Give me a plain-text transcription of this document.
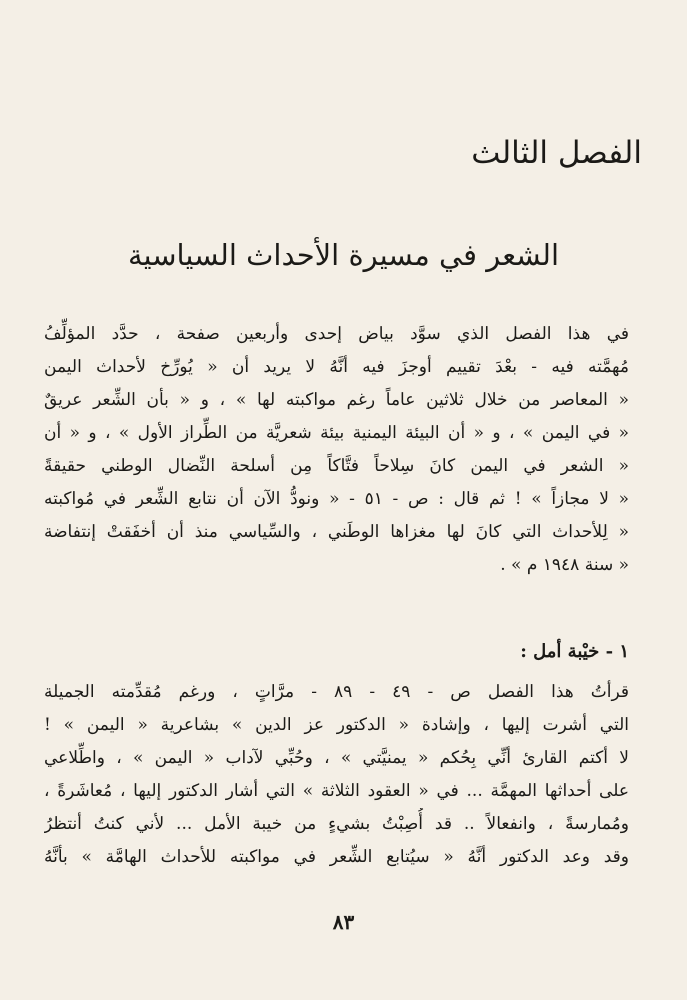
الفصل الثالث
الشعر في مسيرة الأحداث السياسية
في هذا الفصل الذي سوَّد بياض إحدى وأربعين صفحة ، حدَّد المؤلِّفُ
مُهمَّته فيه - بعْدَ تقييم أوجزَ فيه أنَّهُ لا يريد أن « يُورِّخ لأحداث اليمن
« المعاصر من خلال ثلاثين عاماً رغم مواكبته لها » ، و « بأن الشِّعر عريقٌ
« في اليمن » ، و « أن البيئة اليمنية بيئة شعريَّة من الطِّراز الأول » ، و « أن
« الشعر في اليمن كانَ سِلاحاً فتَّاكاً مِن أسلحة النِّضال الوطني حقيقةً
« لا مجازاً » ! ثم قال : ص - ٥١ - « ونودُّ الآن أن نتابع الشِّعر في مُواكبته
« لِلأحداث التي كانَ لها مغزاها الوطَني ، والسِّياسي منذ أن أخفَقتْ إنتفاضة
« سنة ١٩٤٨ م » .
١ - خيْبة أمل :
قرأتُ هذا الفصل ص - ٤٩ - ٨٩ - مرَّاتٍ ، ورغم مُقدِّمته الجميلة
التي أشرت إليها ، وإشادة « الدكتور عز الدين » بشاعرية « اليمن » !
لا أكتم القارئ أنِّي بِحُكم « يمنيَّتي » ، وحُبِّي لآداب « اليمن » ، واطِّلاعي
على أحداثها المهمَّة ... في « العقود الثلاثة » التي أشار الدكتور إليها ، مُعاشَرةً ،
ومُمارسةً ، وانفعالاً .. قد أُصِبْتُ بشيءٍ من خيبة الأمل ... لأني كنتُ أنتظرُ
وقد وعد الدكتور أنَّهُ « سيُتابع الشِّعر في مواكبته للأحداث الهامَّة » بأنَّهُ
٨٣
